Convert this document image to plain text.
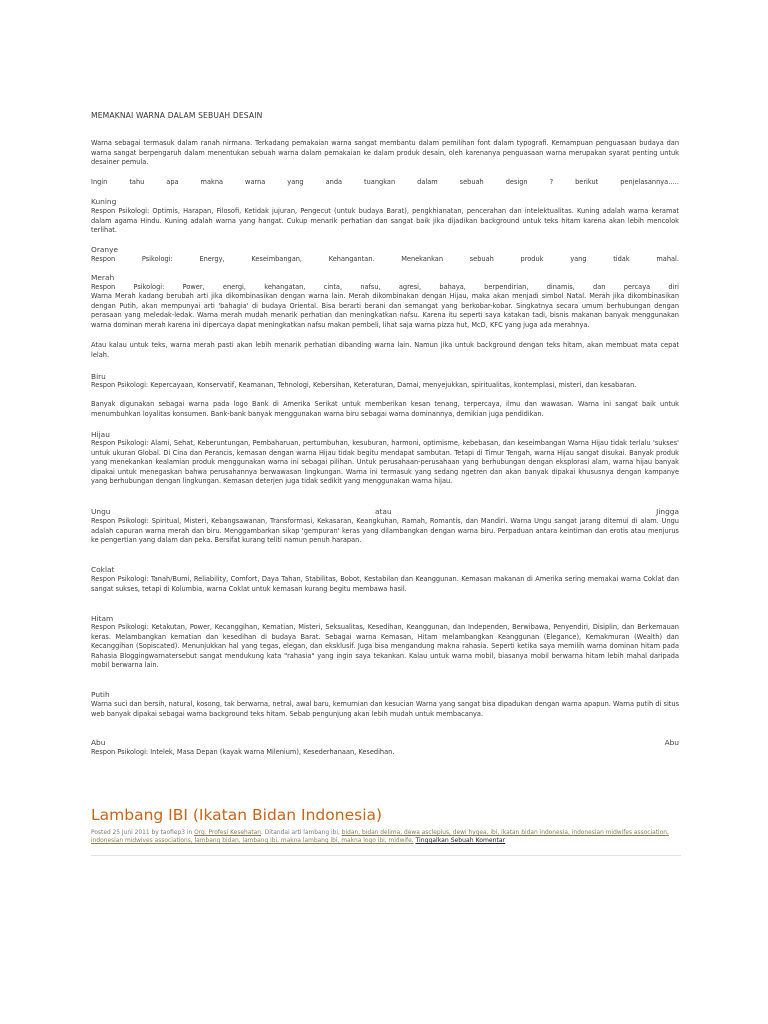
MEMAKNAI WARNA DALAM SEBUAH DESAIN
Warna sebagai termasuk dalam ranah nirmana. Terkadang pemakaian warna sangat membantu dalam pemilihan font dalam typografi. Kemampuan penguasaan budaya dan warna sangat berpengaruh dalam menentukan sebuah warna dalam pemakaian ke dalam produk desain, oleh karenanya penguasaan warna merupakan syarat penting untuk desainer pemula.
Ingin tahu apa makna warna yang anda tuangkan dalam sebuah design ? berikut penjelasannya…..
Kuning
Respon Psikologi: Optimis, Harapan, Filosofi, Ketidak jujuran, Pengecut (untuk budaya Barat), pengkhianatan, pencerahan dan intelektualitas. Kuning adalah warna keramat dalam agama Hindu. Kuning adalah warna yang hangat. Cukup menarik perhatian dan sangat baik jika dijadikan background untuk teks hitam karena akan lebih mencolok terlihat.
Oranye
Respon Psikologi: Energy, Keseimbangan, Kehangantan. Menekankan sebuah produk yang tidak mahal.
Merah
Respon Psikologi: Power, energi, kehangatan, cinta, nafsu, agresi, bahaya, berpendirian, dinamis, dan percaya diri
Warna Merah kadang berubah arti jika dikombinasikan dengan warna lain. Merah dikombinakan dengan Hijau, maka akan menjadi simbol Natal. Merah jika dikombinasikan dengan Putih, akan mempunyai arti 'bahagia' di budaya Oriental. Bisa berarti berani dan semangat yang berkobar-kobar. Singkatnya secara umum berhubungan dengan perasaan yang meledak-ledak. Warna merah mudah menarik perhatian dan meningkatkan nafsu. Karena itu seperti saya katakan tadi, bisnis makanan banyak menggunakan warna dominan merah karena ini dipercaya dapat meningkatkan nafsu makan pembeli, lihat saja warna pizza hut, McD, KFC yang juga ada merahnya.
Atau kalau untuk teks, warna merah pasti akan lebih menarik perhatian dibanding warna lain. Namun jika untuk background dengan teks hitam, akan membuat mata cepat lelah.
Biru
Respon Psikologi: Kepercayaan, Konservatif, Keamanan, Tehnologi, Kebersihan, Keteraturan, Damai, menyejukkan, spiritualitas, kontemplasi, misteri, dan kesabaran.
Banyak digunakan sebagai warna pada logo Bank di Amerika Serikat untuk memberikan kesan tenang, terpercaya, ilmu dan wawasan. Warna ini sangat baik untuk menumbuhkan loyalitas konsumen. Bank-bank banyak menggunakan warna biru sebagai warna dominannya, demikian juga pendidikan.
Hijau
Respon Psikologi: Alami, Sehat, Keberuntungan, Pembaharuan, pertumbuhan, kesuburan, harmoni, optimisme, kebebasan, dan keseimbangan Warna Hijau tidak terlalu 'sukses' untuk ukuran Global. Di Cina dan Perancis, kemasan dengan warna Hijau tidak begitu mendapat sambutan. Tetapi di Timur Tengah, warna Hijau sangat disukai. Banyak produk yang menekankan kealamian produk menggunakan warna ini sebagai pilihan. Untuk perusahaan-perusahaan yang berhubungan dengan eksplorasi alam, warna hijau banyak dipakai untuk menegaskan bahwa perusahannya berwawasan lingkungan. Warna ini termasuk yang sedang ngetren dan akan banyak dipakai khususnya dengan kampanye yang berhubungan dengan lingkungan. Kemasan deterjen juga tidak sedikit yang menggunakan warna hijau.
Ungu	atau	Jingga
Respon Psikologi: Spiritual, Misteri, Kebangsawanan, Transformasi, Kekasaran, Keangkuhan, Ramah, Romantis, dan Mandiri. Warna Ungu sangat jarang ditemui di alam. Ungu adalah capuran warna merah dan biru. Menggambarkan sikap 'gempuran' keras yang dilambangkan dengan warna biru. Perpaduan antara keintiman dan erotis atau menjurus ke pengertian yang dalam dan peka. Bersifat kurang teliti namun penuh harapan.
Coklat
Respon Psikologi: Tanah/Bumi, Reliability, Comfort, Daya Tahan, Stabilitas, Bobot, Kestabilan dan Keanggunan. Kemasan makanan di Amerika sering memakai warna Coklat dan sangat sukses, tetapi di Kolumbia, warna Coklat untuk kemasan kurang begitu membawa hasil.
Hitam
Respon Psikologi: Ketakutan, Power, Kecanggihan, Kematian, Misteri, Seksualitas, Kesedihan, Keanggunan, dan Independen, Berwibawa, Penyendiri, Disiplin, dan Berkemauan keras. Melambangkan kematian dan kesedihan di budaya Barat. Sebagai warna Kemasan, Hitam melambangkan Keanggunan (Elegance), Kemakmuran (Wealth) dan Kecanggihan (Sopiscated). Menunjukkan hal yang tegas, elegan, dan eksklusif. Juga bisa mengandung makna rahasia. Seperti ketika saya memilih warna dominan hitam pada Rahasia Bloggingwarnatersebut sangat mendukung kata "rahasia" yang ingin saya tekankan. Kalau untuk warna mobil, biasanya mobil berwarna hitam lebih mahal daripada mobil berwarna lain.
Putih
Warna suci dan bersih, natural, kosong, tak berwarna, netral, awal baru, kemurnian dan kesucian Warna yang sangat bisa dipadukan dengan warna apapun. Warna putih di situs web banyak dipakai sebagai warna background teks hitam. Sebab pengunjung akan lebih mudah untuk membacanya.
Abu	Abu
Respon Psikologi: Intelek, Masa Depan (kayak warna Milenium), Kesederhanaan, Kesedihan.
Lambang IBI (Ikatan Bidan Indonesia)
Posted 25 Juni 2011 by taofiep3 in Org. Profesi Kesehatan. Ditandai arti lambang ibi, bidan, bidan delima, dewa asclepius, dewi hygea, ibi, ikatan bidan indonesia, indonesian midwifes association, indonesian midwives associations, lambang bidan, lambang ibi, makna lambang ibi, makna logo ibi, midwife. Tinggalkan Sebuah Komentar
